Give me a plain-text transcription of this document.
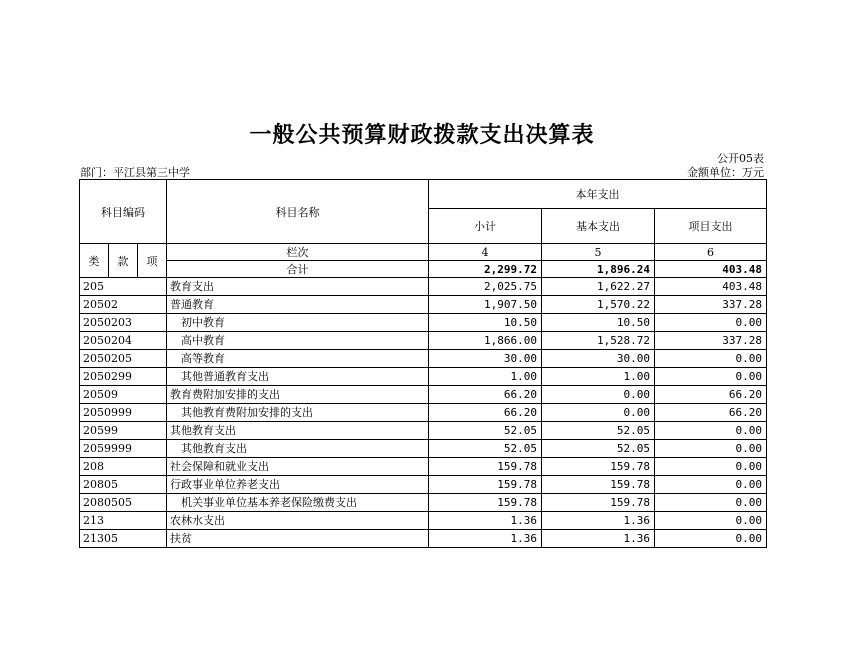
一般公共预算财政拨款支出决算表
公开05表
部门：平江县第三中学	金额单位：万元
科目编码			科目名称	本年支出		
				小计	基本支出	项目支出
类	款	项	栏次	4	5	6
			合计	2,299.72	1,896.24	403.48
205			教育支出	2,025.75	1,622.27	403.48
20502			普通教育	1,907.50	1,570.22	337.28
2050203			初中教育	10.50	10.50	0.00
2050204			高中教育	1,866.00	1,528.72	337.28
2050205			高等教育	30.00	30.00	0.00
2050299			其他普通教育支出	1.00	1.00	0.00
20509			教育费附加安排的支出	66.20	0.00	66.20
2050999			其他教育费附加安排的支出	66.20	0.00	66.20
20599			其他教育支出	52.05	52.05	0.00
2059999			其他教育支出	52.05	52.05	0.00
208			社会保障和就业支出	159.78	159.78	0.00
20805			行政事业单位养老支出	159.78	159.78	0.00
2080505			机关事业单位基本养老保险缴费支出	159.78	159.78	0.00
213			农林水支出	1.36	1.36	0.00
21305			扶贫	1.36	1.36	0.00
